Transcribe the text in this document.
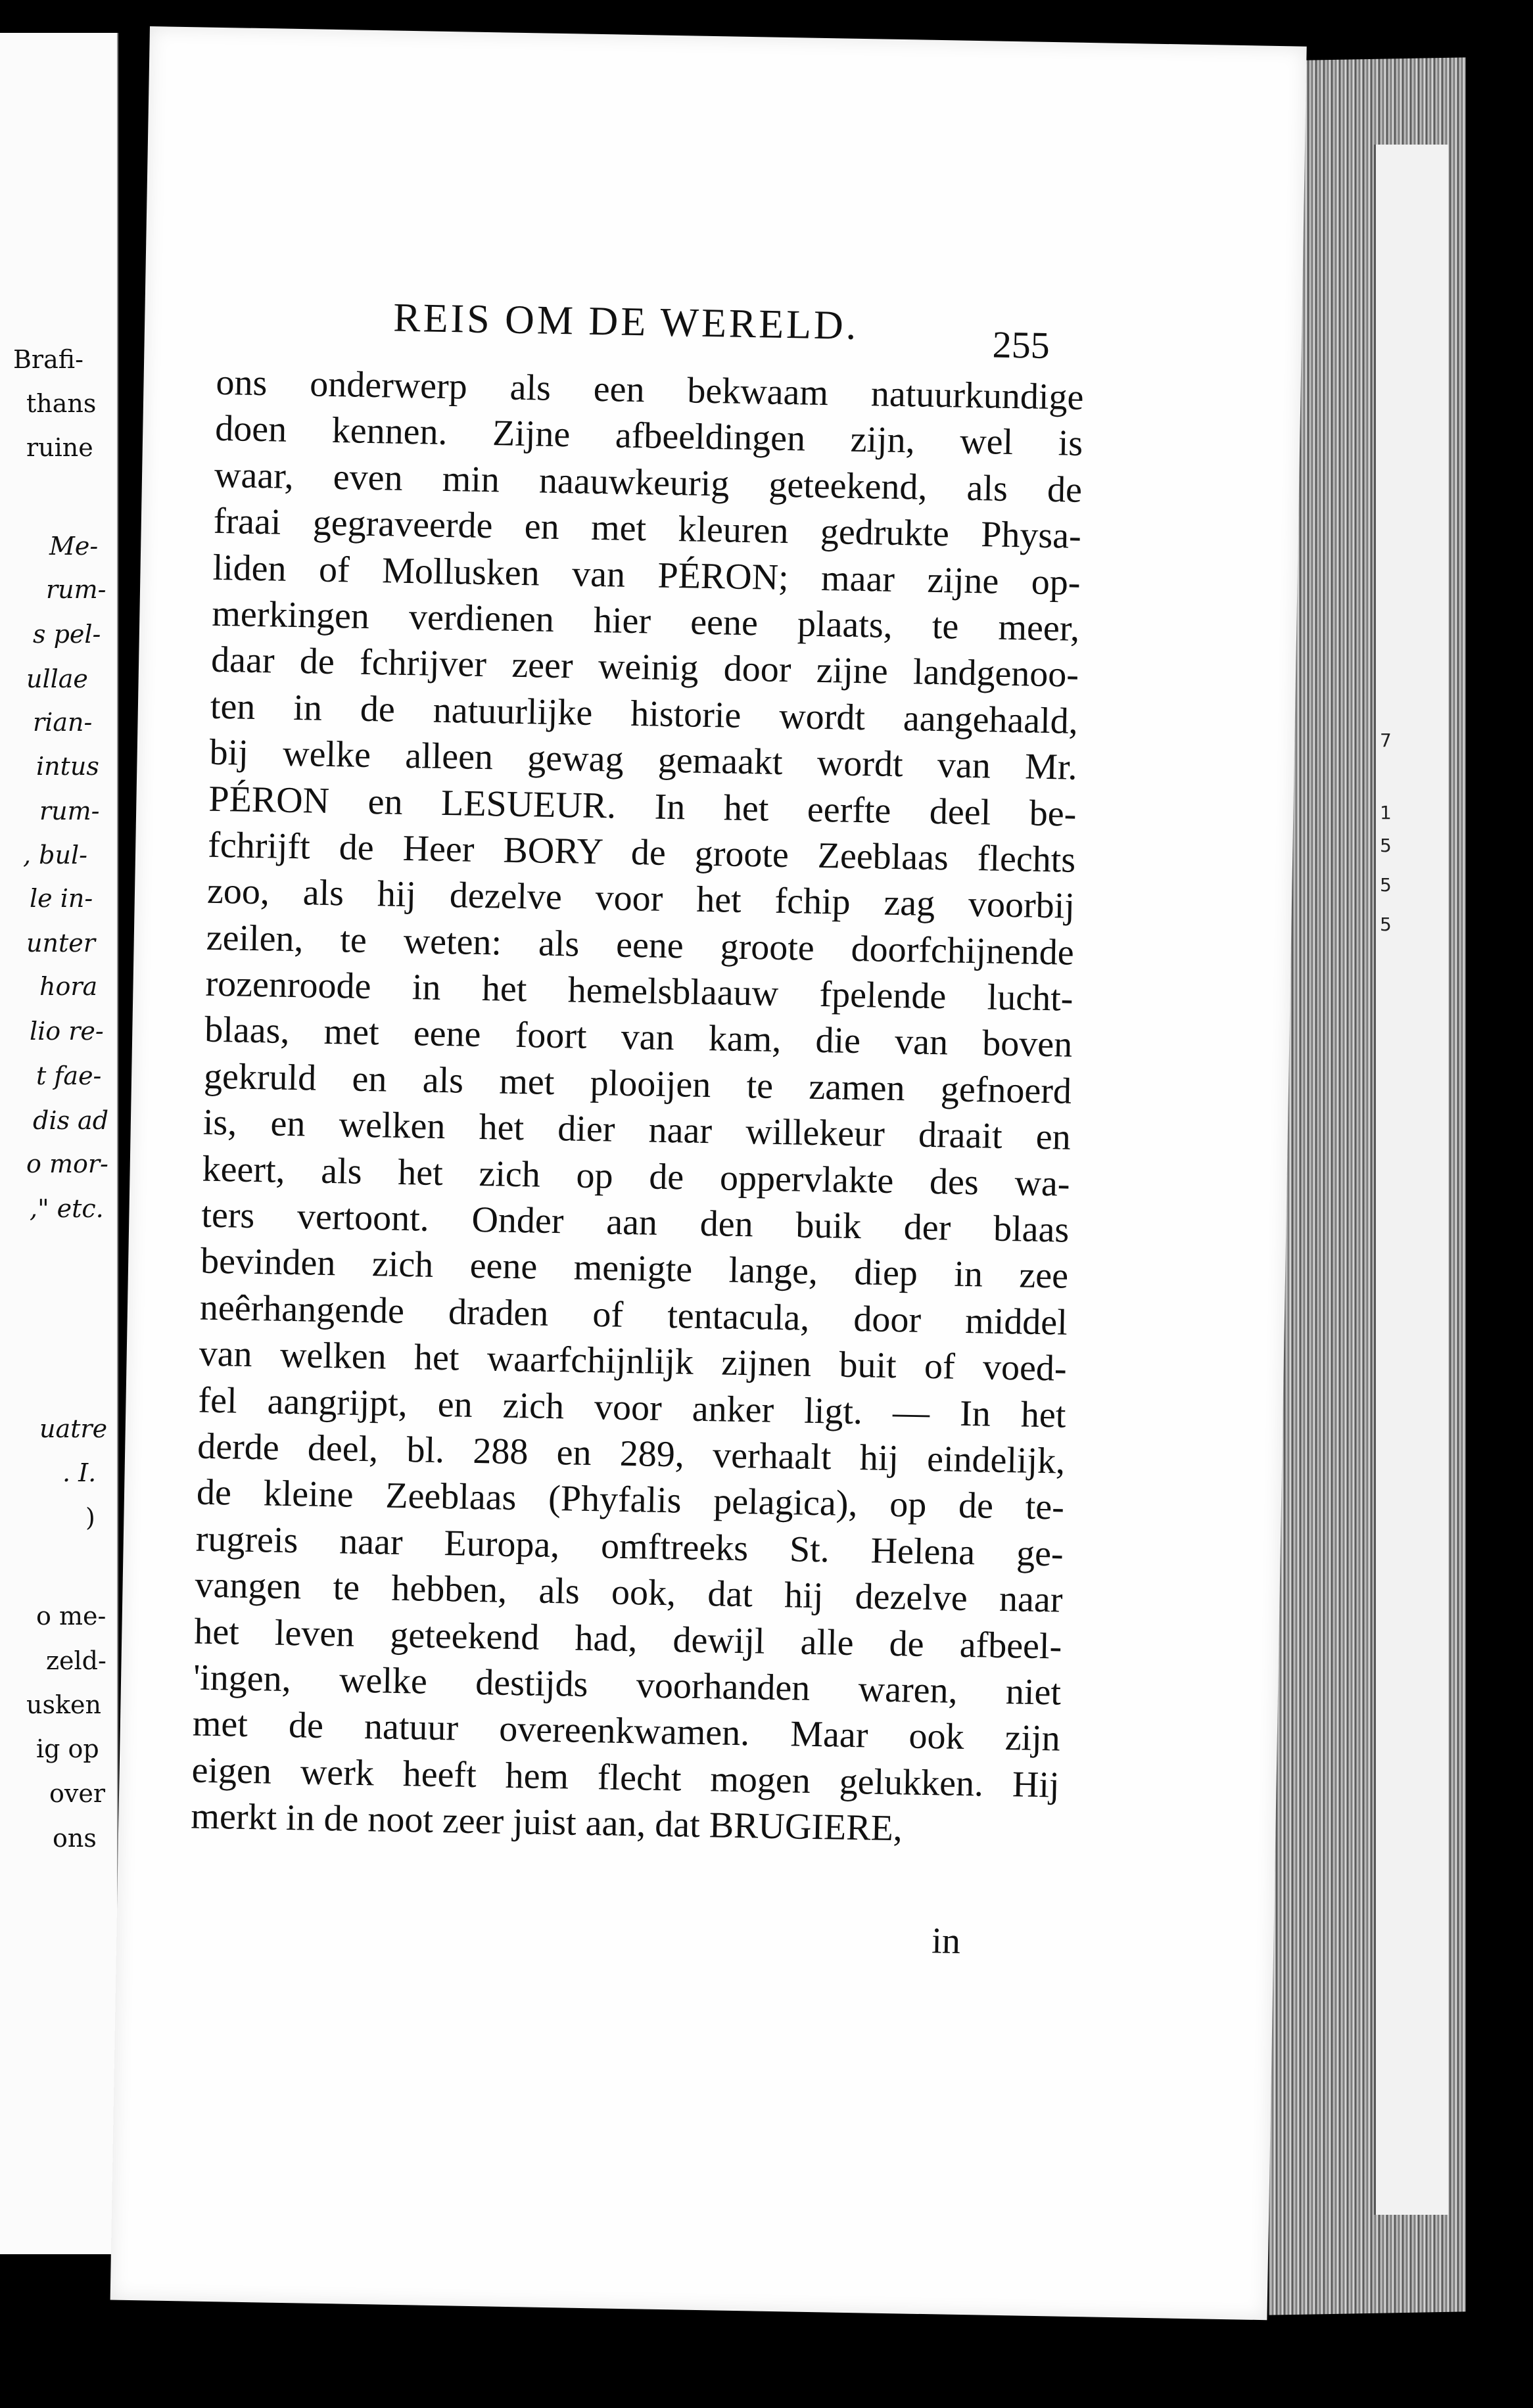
Brafi-
thans
ruine
Me-
rum-
s pel-
ullae
rian-
intus
rum-
, bul-
le in-
unter
hora
lio re-
t fae-
dis ad
o mor-
," etc.
uatre
. I.
)
o me-
zeld-
usken
ig op
over
ons
7
1
5
5
5
REIS OM DE WERELD.	255
ons onderwerp als een bekwaam natuurkundige
doen kennen. Zijne afbeeldingen zijn, wel is
waar, even min naauwkeurig geteekend, als de
fraai gegraveerde en met kleuren gedrukte Physa-
liden of Mollusken van PÉRON; maar zijne op-
merkingen verdienen hier eene plaats, te meer,
daar de fchrijver zeer weinig door zijne landgenoo-
ten in de natuurlijke historie wordt aangehaald,
bij welke alleen gewag gemaakt wordt van Mr.
PÉRON en LESUEUR. In het eerfte deel be-
fchrijft de Heer BORY de groote Zeeblaas flechts
zoo, als hij dezelve voor het fchip zag voorbij
zeilen, te weten: als eene groote doorfchijnende
rozenroode in het hemelsblaauw fpelende lucht-
blaas, met eene foort van kam, die van boven
gekruld en als met plooijen te zamen gefnoerd
is, en welken het dier naar willekeur draait en
keert, als het zich op de oppervlakte des wa-
ters vertoont. Onder aan den buik der blaas
bevinden zich eene menigte lange, diep in zee
neêrhangende draden of tentacula, door middel
van welken het waarfchijnlijk zijnen buit of voed-
fel aangrijpt, en zich voor anker ligt. — In het
derde deel, bl. 288 en 289, verhaalt hij eindelijk,
de kleine Zeeblaas (Phyfalis pelagica), op de te-
rugreis naar Europa, omftreeks St. Helena ge-
vangen te hebben, als ook, dat hij dezelve naar
het leven geteekend had, dewijl alle de afbeel-
'ingen, welke destijds voorhanden waren, niet
met de natuur overeenkwamen. Maar ook zijn
eigen werk heeft hem flecht mogen gelukken. Hij
merkt in de noot zeer juist aan, dat BRUGIERE,
in
